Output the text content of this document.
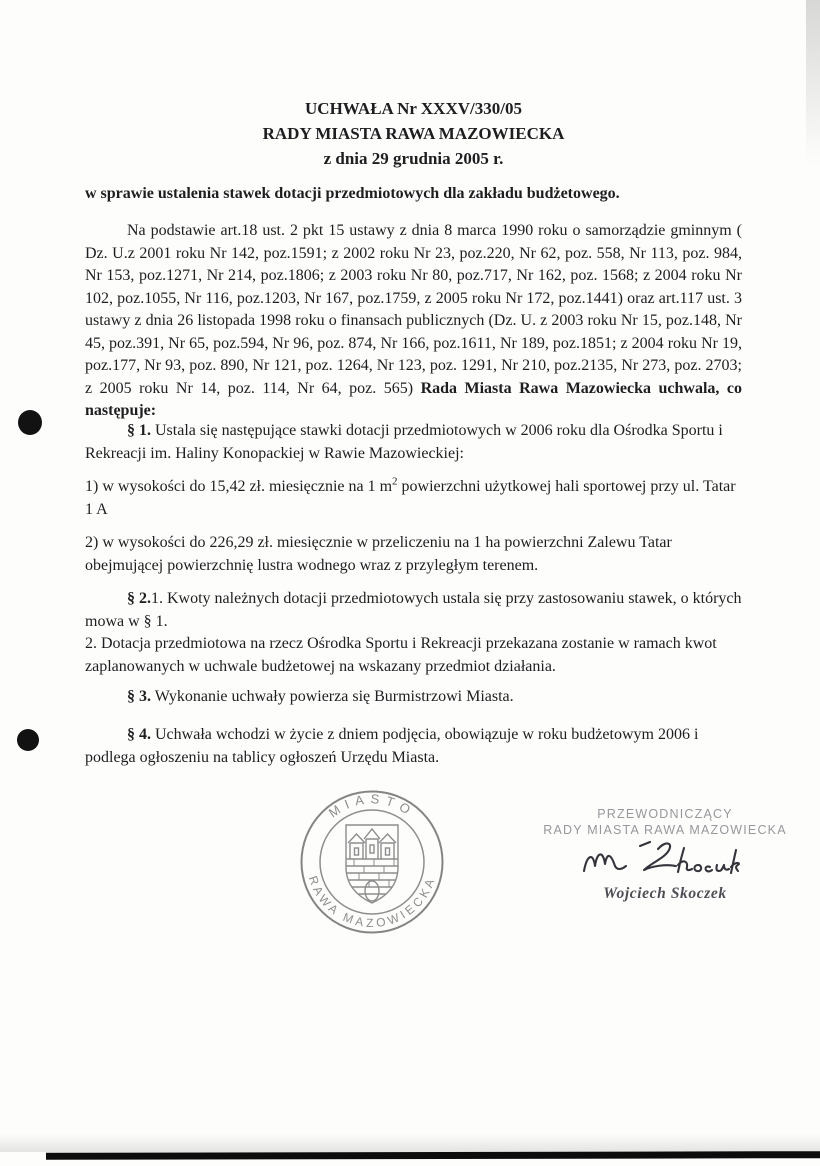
UCHWAŁA Nr XXXV/330/05
RADY MIASTA RAWA MAZOWIECKA
z dnia 29 grudnia 2005 r.
w sprawie ustalenia stawek dotacji przedmiotowych dla zakładu budżetowego.

Na podstawie art.18 ust. 2 pkt 15 ustawy z dnia 8 marca 1990 roku o samorządzie gminnym ( Dz. U.z 2001 roku Nr 142, poz.1591; z 2002 roku Nr 23, poz.220, Nr 62, poz. 558, Nr 113, poz. 984, Nr 153, poz.1271, Nr 214, poz.1806; z 2003 roku Nr 80, poz.717, Nr 162, poz. 1568; z 2004 roku Nr 102, poz.1055, Nr 116, poz.1203, Nr 167, poz.1759, z 2005 roku Nr 172, poz.1441) oraz art.117 ust. 3 ustawy z dnia 26 listopada 1998 roku o finansach publicznych (Dz. U. z 2003 roku Nr 15, poz.148, Nr 45, poz.391, Nr 65, poz.594, Nr 96, poz. 874, Nr 166, poz.1611, Nr 189, poz.1851; z 2004 roku Nr 19, poz.177, Nr 93, poz. 890, Nr 121, poz. 1264, Nr 123, poz. 1291, Nr 210, poz.2135, Nr 273, poz. 2703; z 2005 roku Nr 14, poz. 114, Nr 64, poz. 565) Rada Miasta Rawa Mazowiecka uchwala, co następuje:

§ 1. Ustala się następujące stawki dotacji przedmiotowych w 2006 roku dla Ośrodka Sportu i Rekreacji im. Haliny Konopackiej w Rawie Mazowieckiej:

1) w wysokości do 15,42 zł. miesięcznie na 1 $m^2$ powierzchni użytkowej hali sportowej przy ul. Tatar 1 A

2) w wysokości do 226,29 zł. miesięcznie w przeliczeniu na 1 ha powierzchni Zalewu Tatar obejmującej powierzchnię lustra wodnego wraz z przyległym terenem.

§ 2.1. Kwoty należnych dotacji przedmiotowych ustala się przy zastosowaniu stawek, o których mowa w § 1.

2. Dotacja przedmiotowa na rzecz Ośrodka Sportu i Rekreacji przekazana zostanie w ramach kwot zaplanowanych w uchwale budżetowej na wskazany przedmiot działania.

§ 3. Wykonanie uchwały powierza się Burmistrzowi Miasta.

§ 4. Uchwała wchodzi w życie z dniem podjęcia, obowiązuje w roku budżetowym 2006 i podlega ogłoszeniu na tablicy ogłoszeń Urzędu Miasta.

MIASTO
RAWA MAZOWIECKA
PRZEWODNICZĄCY
RADY MIASTA RAWA MAZOWIECKA
Wojciech Skoczek
